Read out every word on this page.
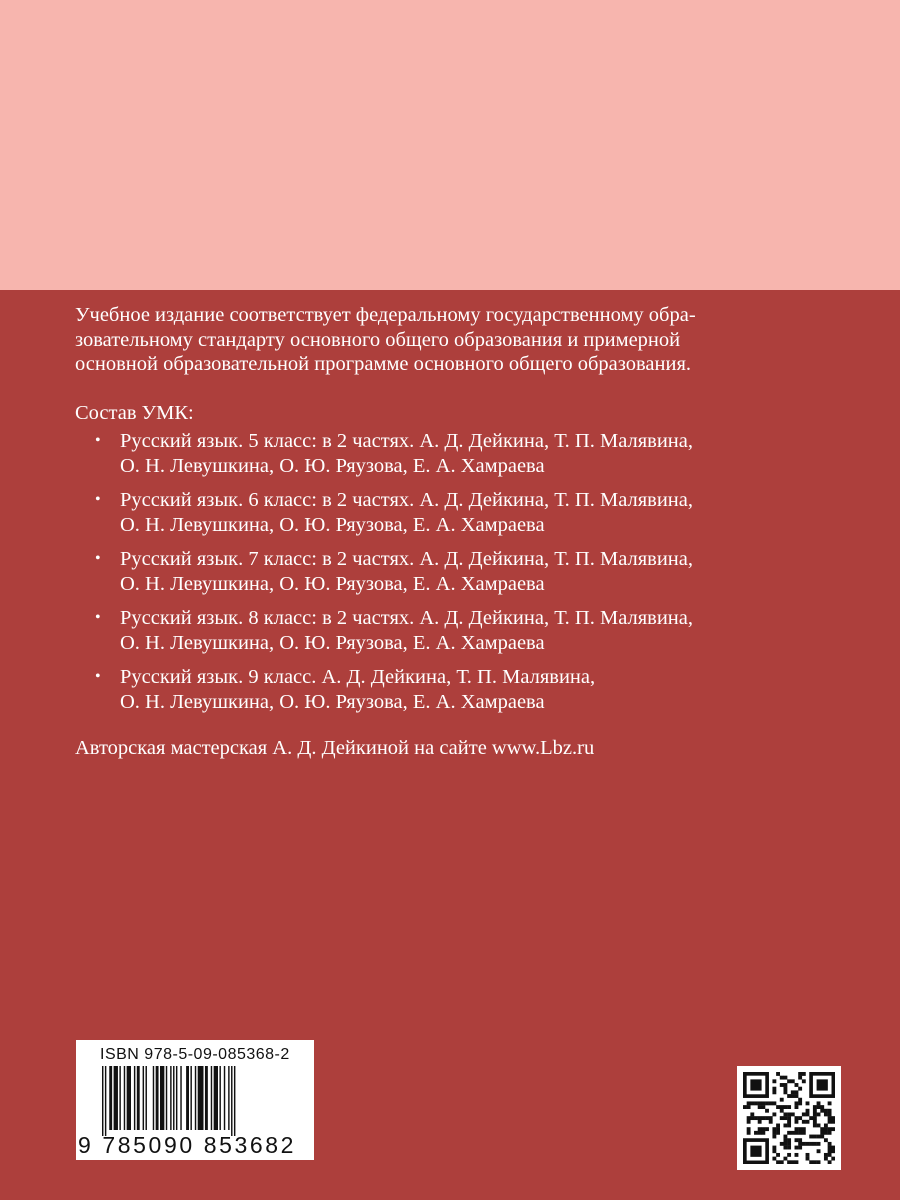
Учебное издание соответствует федеральному государственному обра-
зовательному стандарту основного общего образования и примерной
основной образовательной программе основного общего образования.

Состав УМК:

• Русский язык. 5 класс: в 2 частях. А. Д. Дейкина, Т. П. Малявина,
О. Н. Левушкина, О. Ю. Ряузова, Е. А. Хамраева
• Русский язык. 6 класс: в 2 частях. А. Д. Дейкина, Т. П. Малявина,
О. Н. Левушкина, О. Ю. Ряузова, Е. А. Хамраева
• Русский язык. 7 класс: в 2 частях. А. Д. Дейкина, Т. П. Малявина,
О. Н. Левушкина, О. Ю. Ряузова, Е. А. Хамраева
• Русский язык. 8 класс: в 2 частях. А. Д. Дейкина, Т. П. Малявина,
О. Н. Левушкина, О. Ю. Ряузова, Е. А. Хамраева
• Русский язык. 9 класс. А. Д. Дейкина, Т. П. Малявина,
О. Н. Левушкина, О. Ю. Ряузова, Е. А. Хамраева

Авторская мастерская А. Д. Дейкиной на сайте www.Lbz.ru

ISBN 978-5-09-085368-2
9 785090 853682
